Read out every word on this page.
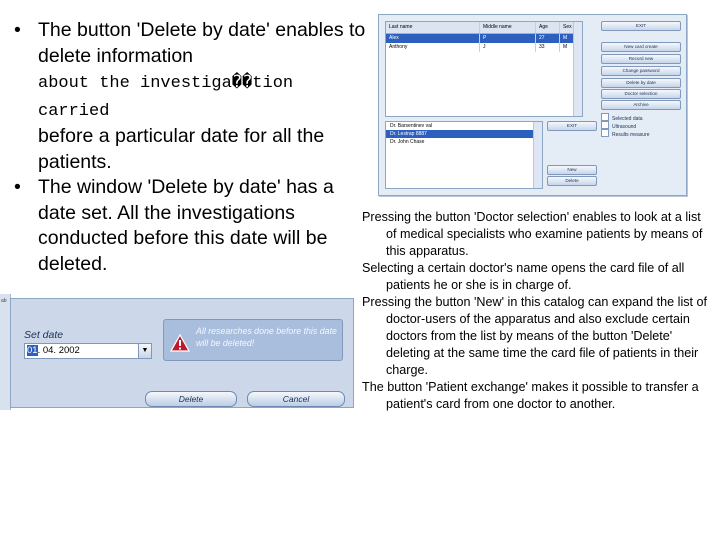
• The button 'Delete by date' enables to delete information
about the investiga��tion carried
before a particular date for all the patients.
• The window 'Delete by date' has a date set. All the investigations conducted before this date will be deleted.
Last name	Middle name	Age	Sex
Alex	P	27	M
Anthony	J	33	M
EXIT
New card create
Record new
Change password
Delete by date
Doctor selection
Archive
Selected data
Ultrasound
Results measure
Dr. Barsentinev val
Dr. Lestrap 8887
Dr. John Chase
EXIT
New
Delete

Pressing the button 'Doctor selection' enables to look at a list of medical specialists who examine patients by means of this apparatus.

Selecting a certain doctor's name opens the card file of all patients he or she is in charge of.

Pressing the button 'New' in this catalog can expand the list of doctor-users of the apparatus and also exclude certain doctors from the list by means of the button 'Delete' deleting at the same time the card file of patients in their charge.

The button 'Patient exchange' makes it possible to transfer a patient's card from one doctor to another.

ab
Set date
01. 04. 2002	▼
All researches done before this date will be deleted!
Delete	Cancel
